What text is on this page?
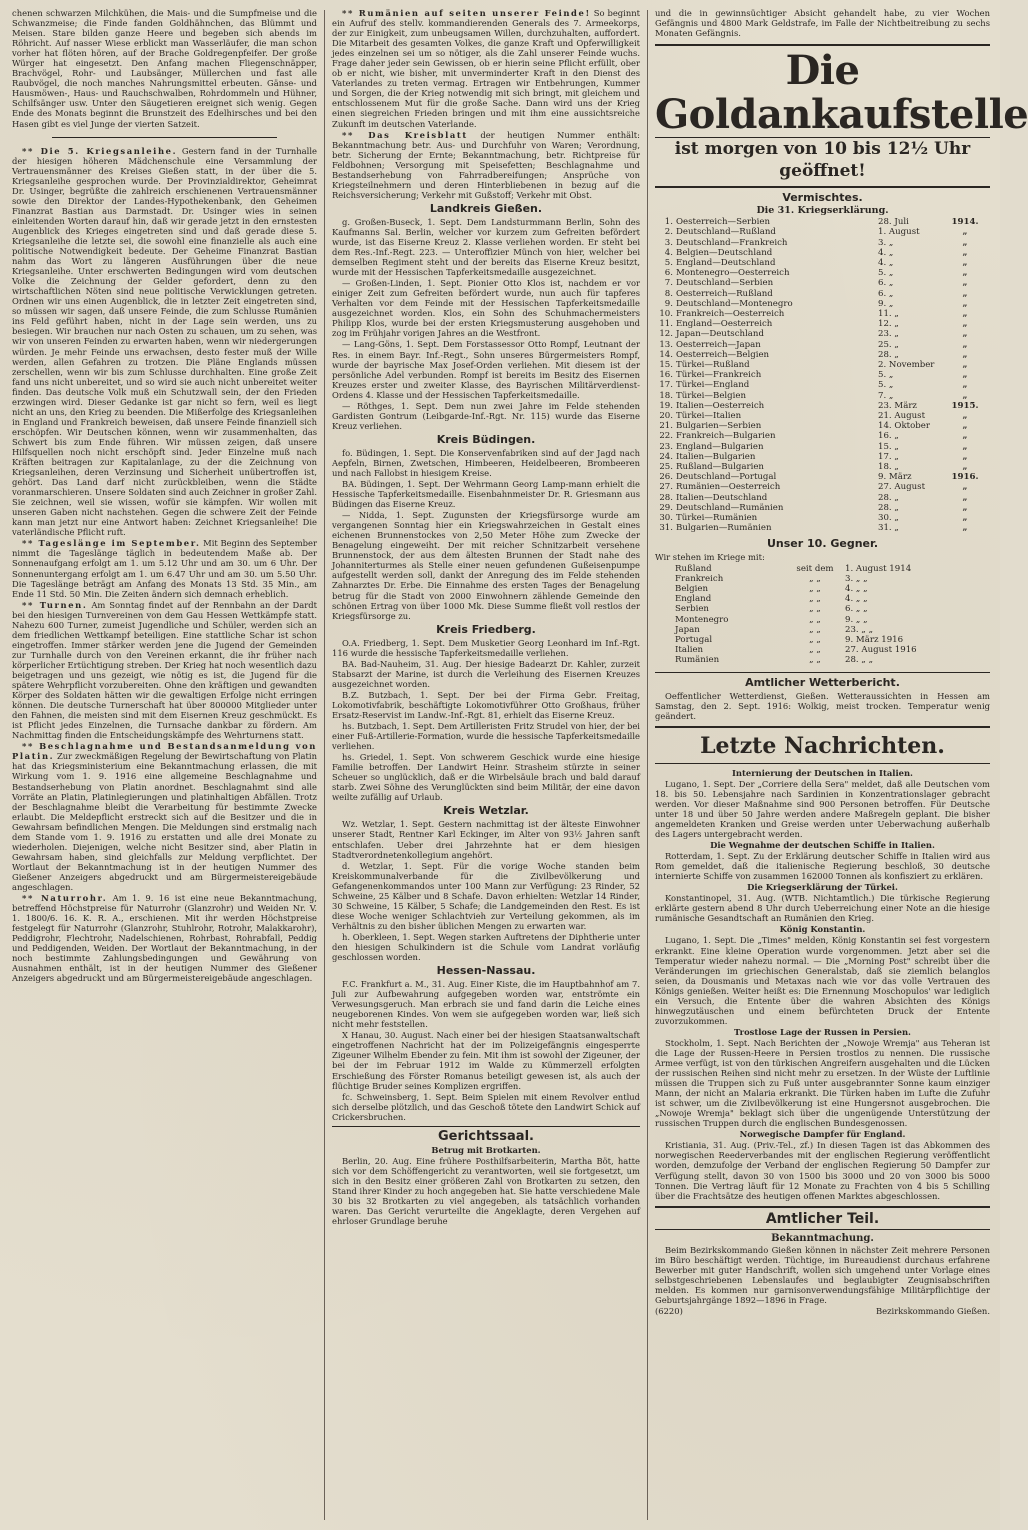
chenen schwarzen Milchkühen, die Mais- und die Sumpfmeise und die Schwanzmeise; die Finde fanden Goldhähnchen, das Blümmt und Meisen. Stare bilden ganze Heere und begeben sich abends im Röhricht. Auf nasser Wiese erblickt man Wasserläufer, die man schon vorher hat flöten hören, auf der Brache Goldregenpfeifer. Der große Würger hat eingesetzt. Den Anfang machen Fliegenschnäpper, Brachvögel, Rohr- und Laubsänger, Müllerchen und fast alle Raubvögel, die noch manches Nahrungsmittel erbeuten. Gänse- und Hausmöwen-, Haus- und Rauchschwalben, Rohrdommeln und Hühner, Schilfsänger usw. Unter den Säugetieren ereignet sich wenig. Gegen Ende des Monats beginnt die Brunstzeit des Edelhirsches und bei den Hasen gibt es viel Junge der vierten Satzeit.

** Die 5. Kriegsanleihe. Gestern fand in der Turnhalle der hiesigen höheren Mädchenschule eine Versammlung der Vertrauensmänner des Kreises Gießen statt, in der über die 5. Kriegsanleihe gesprochen wurde. Der Provinzialdirektor, Geheimrat Dr. Usinger, begrüßte die zahlreich erschienenen Vertrauensmänner sowie den Direktor der Landes-Hypothekenbank, den Geheimen Finanzrat Bastian aus Darmstadt. Dr. Usinger wies in seinen einleitenden Worten darauf hin, daß wir gerade jetzt in den ernstesten Augenblick des Krieges eingetreten sind und daß gerade diese 5. Kriegsanleihe die letzte sei, die sowohl eine finanzielle als auch eine politische Notwendigkeit bedeute. Der Geheime Finanzrat Bastian nahm das Wort zu längeren Ausführungen über die neue Kriegsanleihe. Unter erschwerten Bedingungen wird vom deutschen Volke die Zeichnung der Gelder gefordert, denn zu den wirtschaftlichen Nöten sind neue politische Verwicklungen getreten. Ordnen wir uns einen Augenblick, die in letzter Zeit eingetreten sind, so müssen wir sagen, daß unsere Feinde, die zum Schlusse Rumänien ins Feld geführt haben, nicht in der Lage sein werden, uns zu besiegen. Wir brauchen nur nach Osten zu schauen, um zu sehen, was wir von unseren Feinden zu erwarten haben, wenn wir niedergerungen würden. Je mehr Feinde uns erwachsen, desto fester muß der Wille werden, allen Gefahren zu trotzen. Die Pläne Englands müssen zerschellen, wenn wir bis zum Schlusse durchhalten. Eine große Zeit fand uns nicht unbereitet, und so wird sie auch nicht unbereitet weiter finden. Das deutsche Volk muß ein Schutzwall sein, der den Frieden erzwingen wird. Dieser Gedanke ist gar nicht so fern, weil es liegt nicht an uns, den Krieg zu beenden. Die Mißerfolge des Kriegsanleihen in England und Frankreich beweisen, daß unsere Feinde finanziell sich erschöpfen. Wir Deutschen können, wenn wir zusammenhalten, das Schwert bis zum Ende führen. Wir müssen zeigen, daß unsere Hilfsquellen noch nicht erschöpft sind. Jeder Einzelne muß nach Kräften beitragen zur Kapitalanlage, zu der die Zeichnung von Kriegsanleihen, deren Verzinsung und Sicherheit unübertroffen ist, gehört. Das Land darf nicht zurückbleiben, wenn die Städte voranmarschieren. Unsere Soldaten sind auch Zeichner in großer Zahl. Sie zeichnen, weil sie wissen, wofür sie kämpfen. Wir wollen mit unseren Gaben nicht nachstehen. Gegen die schwere Zeit der Feinde kann man jetzt nur eine Antwort haben: Zeichnet Kriegsanleihe! Die vaterländische Pflicht ruft.

** Tageslänge im September. Mit Beginn des September nimmt die Tageslänge täglich in bedeutendem Maße ab. Der Sonnenaufgang erfolgt am 1. um 5.12 Uhr und am 30. um 6 Uhr. Der Sonnenuntergang erfolgt am 1. um 6.47 Uhr und am 30. um 5.50 Uhr. Die Tageslänge beträgt am Anfang des Monats 13 Std. 35 Min., am Ende 11 Std. 50 Min. Die Zeiten ändern sich demnach erheblich.

** Turnen. Am Sonntag findet auf der Rennbahn an der Dardt bei den hiesigen Turnvereinen von dem Gau Hessen Wettkämpfe statt. Nahezu 600 Turner, zumeist Jugendliche und Schüler, werden sich an dem friedlichen Wettkampf beteiligen. Eine stattliche Schar ist schon eingetroffen. Immer stärker werden jene die Jugend der Gemeinden zur Turnhalle durch von den Vereinen erkannt, die ihr früher nach körperlicher Ertüchtigung streben. Der Krieg hat noch wesentlich dazu beigetragen und uns gezeigt, wie nötig es ist, die Jugend für die spätere Wehrpflicht vorzubereiten. Ohne den kräftigen und gewandten Körper des Soldaten hätten wir die gewaltigen Erfolge nicht erringen können. Die deutsche Turnerschaft hat über 800000 Mitglieder unter den Fahnen, die meisten sind mit dem Eisernen Kreuz geschmückt. Es ist Pflicht jedes Einzelnen, die Turnsache dankbar zu fördern. Am Nachmittag finden die Entscheidungskämpfe des Wehrturnens statt.

** Beschlagnahme und Bestandsanmeldung von Platin. Zur zweckmäßigen Regelung der Bewirtschaftung von Platin hat das Kriegsministerium eine Bekanntmachung erlassen, die mit Wirkung vom 1. 9. 1916 eine allgemeine Beschlagnahme und Bestandserhebung von Platin anordnet. Beschlagnahmt sind alle Vorräte an Platin, Platinlegierungen und platinhaltigen Abfällen. Trotz der Beschlagnahme bleibt die Verarbeitung für bestimmte Zwecke erlaubt. Die Meldepflicht erstreckt sich auf die Besitzer und die in Gewahrsam befindlichen Mengen. Die Meldungen sind erstmalig nach dem Stande vom 1. 9. 1916 zu erstatten und alle drei Monate zu wiederholen. Diejenigen, welche nicht Besitzer sind, aber Platin in Gewahrsam haben, sind gleichfalls zur Meldung verpflichtet. Der Wortlaut der Bekanntmachung ist in der heutigen Nummer des Gießener Anzeigers abgedruckt und am Bürgermeistereigebäude angeschlagen.

** Naturrohr. Am 1. 9. 16 ist eine neue Bekanntmachung, betreffend Höchstpreise für Naturrohr (Glanzrohr) und Weiden Nr. V. 1. 1800/6. 16. K. R. A., erschienen. Mit ihr werden Höchstpreise festgelegt für Naturrohr (Glanzrohr, Stuhlrohr, Rotrohr, Malakkarohr), Peddigrohr, Flechtrohr, Nadelschienen, Rohrbast, Rohrabfall, Peddig und Peddigenden, Weiden. Der Wortlaut der Bekanntmachung, in der noch bestimmte Zahlungsbedingungen und Gewährung von Ausnahmen enthält, ist in der heutigen Nummer des Gießener Anzeigers abgedruckt und am Bürgermeistereigebäude angeschlagen.

** Rumänien auf seiten unserer Feinde! So beginnt ein Aufruf des stellv. kommandierenden Generals des 7. Armeekorps, der zur Einigkeit, zum unbeugsamen Willen, durchzuhalten, auffordert. Die Mitarbeit des gesamten Volkes, die ganze Kraft und Opferwilligkeit jedes einzelnen sei um so nötiger, als die Zahl unserer Feinde wuchs. Frage daher jeder sein Gewissen, ob er hierin seine Pflicht erfüllt, ober ob er nicht, wie bisher, mit unverminderter Kraft in den Dienst des Vaterlandes zu treten vermag. Ertragen wir Entbehrungen, Kummer und Sorgen, die der Krieg notwendig mit sich bringt, mit gleichem und entschlossenem Mut für die große Sache. Dann wird uns der Krieg einen siegreichen Frieden bringen und mit ihm eine aussichtsreiche Zukunft im deutschen Vaterlande.

** Das Kreisblatt der heutigen Nummer enthält: Bekanntmachung betr. Aus- und Durchfuhr von Waren; Verordnung, betr. Sicherung der Ernte; Bekanntmachung, betr. Richtpreise für Feldbohnen; Versorgung mit Speisefetten; Beschlagnahme und Bestandserhebung von Fahrradbereifungen; Ansprüche von Kriegsteilnehmern und deren Hinterbliebenen in bezug auf die Reichsversicherung; Verkehr mit Gußstoff; Verkehr mit Obst.

Landkreis Gießen.

g. Großen-Buseck, 1. Sept. Dem Landsturmmann Berlin, Sohn des Kaufmanns Sal. Berlin, welcher vor kurzem zum Gefreiten befördert wurde, ist das Eiserne Kreuz 2. Klasse verliehen worden. Er steht bei dem Res.-Inf.-Regt. 223. — Unteroffizier Münch von hier, welcher bei demselben Regiment steht und der bereits das Eiserne Kreuz besitzt, wurde mit der Hessischen Tapferkeitsmedaille ausgezeichnet.

— Großen-Linden, 1. Sept. Pionier Otto Klos ist, nachdem er vor einiger Zeit zum Gefreiten befördert wurde, nun auch für tapferes Verhalten vor dem Feinde mit der Hessischen Tapferkeitsmedaille ausgezeichnet worden. Klos, ein Sohn des Schuhmachermeisters Philipp Klos, wurde bei der ersten Kriegsmusterung ausgehoben und zog im Frühjahr vorigen Jahres an die Westfront.

— Lang-Göns, 1. Sept. Dem Forstassessor Otto Rompf, Leutnant der Res. in einem Bayr. Inf.-Regt., Sohn unseres Bürgermeisters Rompf, wurde der bayrische Max Josef-Orden verliehen. Mit diesem ist der persönliche Adel verbunden. Rompf ist bereits im Besitz des Eisernen Kreuzes erster und zweiter Klasse, des Bayrischen Militärverdienst-Ordens 4. Klasse und der Hessischen Tapferkeitsmedaille.

— Röthges, 1. Sept. Dem nun zwei Jahre im Felde stehenden Gardisten Gontrum (Leibgarde-Inf.-Rgt. Nr. 115) wurde das Eiserne Kreuz verliehen.

Kreis Büdingen.

fo. Büdingen, 1. Sept. Die Konservenfabriken sind auf der Jagd nach Aepfeln, Birnen, Zwetschen, Himbeeren, Heidelbeeren, Brombeeren und nach Fallobst in hiesigem Kreise.

BA. Büdingen, 1. Sept. Der Wehrmann Georg Lamp-mann erhielt die Hessische Tapferkeitsmedaille. Eisenbahnmeister Dr. R. Griesmann aus Büdingen das Eiserne Kreuz.

— Nidda, 1. Sept. Zugunsten der Kriegsfürsorge wurde am vergangenen Sonntag hier ein Kriegswahrzeichen in Gestalt eines eichenen Brunnenstockes von 2,50 Meter Höhe zum Zwecke der Benagelung eingeweiht. Der mit reicher Schnitzarbeit versehene Brunnenstock, der aus dem ältesten Brunnen der Stadt nahe des Johanniterturmes als Stelle einer neuen gefundenen Gußeisenpumpe aufgestellt werden soll, dankt der Anregung des im Felde stehenden Zahnarztes Dr. Erbe. Die Einnahme des ersten Tages der Benagelung betrug für die Stadt von 2000 Einwohnern zählende Gemeinde den schönen Ertrag von über 1000 Mk. Diese Summe fließt voll restlos der Kriegsfürsorge zu.

Kreis Friedberg.

O.A. Friedberg, 1. Sept. Dem Musketier Georg Leonhard im Inf.-Rgt. 116 wurde die hessische Tapferkeitsmedaille verliehen.

BA. Bad-Nauheim, 31. Aug. Der hiesige Badearzt Dr. Kahler, zurzeit Stabsarzt der Marine, ist durch die Verleihung des Eisernen Kreuzes ausgezeichnet worden.

B.Z. Butzbach, 1. Sept. Der bei der Firma Gebr. Freitag, Lokomotivfabrik, beschäftigte Lokomotivführer Otto Großhaus, früher Ersatz-Reservist im Landw.-Inf.-Rgt. 81, erhielt das Eiserne Kreuz.

hs. Butzbach, 1. Sept. Dem Artilleristen Fritz Strudel von hier, der bei einer Fuß-Artillerie-Formation, wurde die hessische Tapferkeitsmedaille verliehen.

hs. Griedel, 1. Sept. Von schwerem Geschick wurde eine hiesige Familie betroffen. Der Landwirt Heinr. Strasheim stürzte in seiner Scheuer so unglücklich, daß er die Wirbelsäule brach und bald darauf starb. Zwei Söhne des Verunglückten sind beim Militär, der eine davon weilte zufällig auf Urlaub.

Kreis Wetzlar.

Wz. Wetzlar, 1. Sept. Gestern nachmittag ist der älteste Einwohner unserer Stadt, Rentner Karl Eckinger, im Alter von 93½ Jahren sanft entschlafen. Ueber drei Jahrzehnte hat er dem hiesigen Stadtverordnetenkollegium angehört.

d. Wetzlar, 1. Sept. Für die vorige Woche standen beim Kreiskommunalverbande für die Zivilbevölkerung und Gefangenenkommandos unter 100 Mann zur Verfügung: 23 Rinder, 52 Schweine, 25 Kälber und 8 Schafe. Davon erhielten: Wetzlar 14 Rinder, 30 Schweine, 15 Kälber, 5 Schafe; die Landgemeinden den Rest. Es ist diese Woche weniger Schlachtvieh zur Verteilung gekommen, als im Verhältnis zu den bisher üblichen Mengen zu erwarten war.

h. Oberkleen, 1. Sept. Wegen starken Auftretens der Diphtherie unter den hiesigen Schulkindern ist die Schule vom Landrat vorläufig geschlossen worden.

Hessen-Nassau.

F.C. Frankfurt a. M., 31. Aug. Einer Kiste, die im Hauptbahnhof am 7. Juli zur Aufbewahrung aufgegeben worden war, entströmte ein Verwesungsgeruch. Man erbrach sie und fand darin die Leiche eines neugeborenen Kindes. Von wem sie aufgegeben worden war, ließ sich nicht mehr feststellen.

X Hanau, 30. August. Nach einer bei der hiesigen Staatsanwaltschaft eingetroffenen Nachricht hat der im Polizeigefängnis eingesperrte Zigeuner Wilhelm Ebender zu fein. Mit ihm ist sowohl der Zigeuner, der bei der im Februar 1912 im Walde zu Kümmerzell erfolgten Erschießung des Förster Romanus beteiligt gewesen ist, als auch der flüchtige Bruder seines Komplizen ergriffen.

fc. Schweinsberg, 1. Sept. Beim Spielen mit einem Revolver entlud sich derselbe plötzlich, und das Geschoß tötete den Landwirt Schick auf Crickersbruchen.

Gerichtssaal.

Betrug mit Brotkarten.

Berlin, 20. Aug. Eine frühere Posthilfsarbeiterin, Martha Böt, hatte sich vor dem Schöffengericht zu verantworten, weil sie fortgesetzt, um sich in den Besitz einer größeren Zahl von Brotkarten zu setzen, den Stand ihrer Kinder zu hoch angegeben hat. Sie hatte verschiedene Male 30 bis 32 Brotkarten zu viel angegeben, als tatsächlich vorhanden waren. Das Gericht verurteilte die Angeklagte, deren Vergehen auf ehrloser Grundlage beruhe

und die in gewinnsüchtiger Absicht gehandelt habe, zu vier Wochen Gefängnis und 4800 Mark Geldstrafe, im Falle der Nichtbeitreibung zu sechs Monaten Gefängnis.

Die Goldankaufstelle
ist morgen von 10 bis 12½ Uhr geöffnet!
Vermischtes.

Die 31. Kriegserklärung.

1.	Oesterreich—Serbien	28. Juli	1914.
2.	Deutschland—Rußland	1. August	„
3.	Deutschland—Frankreich	3. „	„
4.	Belgien—Deutschland	4. „	„
5.	England—Deutschland	4. „	„
6.	Montenegro—Oesterreich	5. „	„
7.	Deutschland—Serbien	6. „	„
8.	Oesterreich—Rußland	6. „	„
9.	Deutschland—Montenegro	9. „	„
10.	Frankreich—Oesterreich	11. „	„
11.	England—Oesterreich	12. „	„
12.	Japan—Deutschland	23. „	„
13.	Oesterreich—Japan	25. „	„
14.	Oesterreich—Belgien	28. „	„
15.	Türkei—Rußland	2. November	„
16.	Türkei—Frankreich	5. „	„
17.	Türkei—England	5. „	„
18.	Türkei—Belgien	7. „	„
19.	Italien—Oesterreich	23. März	1915.
20.	Türkei—Italien	21. August	„
21.	Bulgarien—Serbien	14. Oktober	„
22.	Frankreich—Bulgarien	16. „	„
23.	England—Bulgarien	15. „	„
24.	Italien—Bulgarien	17. „	„
25.	Rußland—Bulgarien	18. „	„
26.	Deutschland—Portugal	9. März	1916.
27.	Rumänien—Oesterreich	27. August	„
28.	Italien—Deutschland	28. „	„
29.	Deutschland—Rumänien	28. „	„
30.	Türkei—Rumänien	30. „	„
31.	Bulgarien—Rumänien	31. „	„
Unser 10. Gegner.

Wir stehen im Kriege mit:

Rußland	seit dem	1. August 1914
Frankreich	„ „	3. „ „
Belgien	„ „	4. „ „
England	„ „	4. „ „
Serbien	„ „	6. „ „
Montenegro	„ „	9. „ „
Japan	„ „	23. „ „
Portugal	„ „	9. März 1916
Italien	„ „	27. August 1916
Rumänien	„ „	28. „ „
Amtlicher Wetterbericht.

Oeffentlicher Wetterdienst, Gießen. Wetteraussichten in Hessen am Samstag, den 2. Sept. 1916: Wolkig, meist trocken. Temperatur wenig geändert.

Letzte Nachrichten.

Internierung der Deutschen in Italien.

Lugano, 1. Sept. Der „Corriere della Sera" meldet, daß alle Deutschen vom 18. bis 50. Lebensjahre nach Sardinien in Konzentrationslager gebracht werden. Vor dieser Maßnahme sind 900 Personen betroffen. Für Deutsche unter 18 und über 50 Jahre werden andere Maßregeln geplant. Die bisher angemeldeten Kranken und Greise werden unter Ueberwachung außerhalb des Lagers untergebracht werden.

Die Wegnahme der deutschen Schiffe in Italien.

Rotterdam, 1. Sept. Zu der Erklärung deutscher Schiffe in Italien wird aus Rom gemeldet, daß die italienische Regierung beschloß, 30 deutsche internierte Schiffe von zusammen 162000 Tonnen als konfisziert zu erklären.

Die Kriegserklärung der Türkei.

Konstantinopel, 31. Aug. (WTB. Nichtamtlich.) Die türkische Regierung erklärte gestern abend 8 Uhr durch Ueberreichung einer Note an die hiesige rumänische Gesandtschaft an Rumänien den Krieg.

König Konstantin.

Lugano, 1. Sept. Die „Times" melden, König Konstantin sei fest vorgestern erkrankt. Eine kleine Operation wurde vorgenommen. Jetzt aber sei die Temperatur wieder nahezu normal. — Die „Morning Post" schreibt über die Veränderungen im griechischen Generalstab, daß sie ziemlich belanglos seien, da Dousmanis und Metaxas nach wie vor das volle Vertrauen des Königs genießen. Weiter heißt es: Die Ernennung Moschopulos' war lediglich ein Versuch, die Entente über die wahren Absichten des Königs hinwegzutäuschen und einem befürchteten Druck der Entente zuvorzukommen.

Trostlose Lage der Russen in Persien.

Stockholm, 1. Sept. Nach Berichten der „Nowoje Wremja" aus Teheran ist die Lage der Russen-Heere in Persien trostlos zu nennen. Die russische Armee verfügt, ist von den türkischen Angreifern ausgehalten und die Lücken der russischen Reihen sind nicht mehr zu ersetzen. In der Wüste der Luftlinie müssen die Truppen sich zu Fuß unter ausgebrannter Sonne kaum einziger Mann, der nicht an Malaria erkrankt. Die Türken haben im Lufte die Zufuhr ist schwer, um die Zivilbevölkerung ist eine Hungersnot ausgebrochen. Die „Nowoje Wremja" beklagt sich über die ungenügende Unterstützung der russischen Truppen durch die englischen Bundesgenossen.

Norwegische Dampfer für England.

Kristiania, 31. Aug. (Priv.-Tel., zf.) In diesen Tagen ist das Abkommen des norwegischen Reederverbandes mit der englischen Regierung veröffentlicht worden, demzufolge der Verband der englischen Regierung 50 Dampfer zur Verfügung stellt, davon 30 von 1500 bis 3000 und 20 von 3000 bis 5000 Tonnen. Die Vertrag läuft für 12 Monate zu Frachten von 4 bis 5 Schilling über die Frachtsätze des heutigen offenen Marktes abgeschlossen.

Amtlicher Teil.

Bekanntmachung.

Beim Bezirkskommando Gießen können in nächster Zeit mehrere Personen im Büro beschäftigt werden. Tüchtige, im Bureaudienst durchaus erfahrene Bewerber mit guter Handschrift, wollen sich umgehend unter Vorlage eines selbstgeschriebenen Lebenslaufes und beglaubigter Zeugnisabschriften melden. Es kommen nur garnisonverwendungsfähige Militärpflichtige der Geburtsjahrgänge 1892—1896 in Frage.

(6220)	Bezirkskommando Gießen.
